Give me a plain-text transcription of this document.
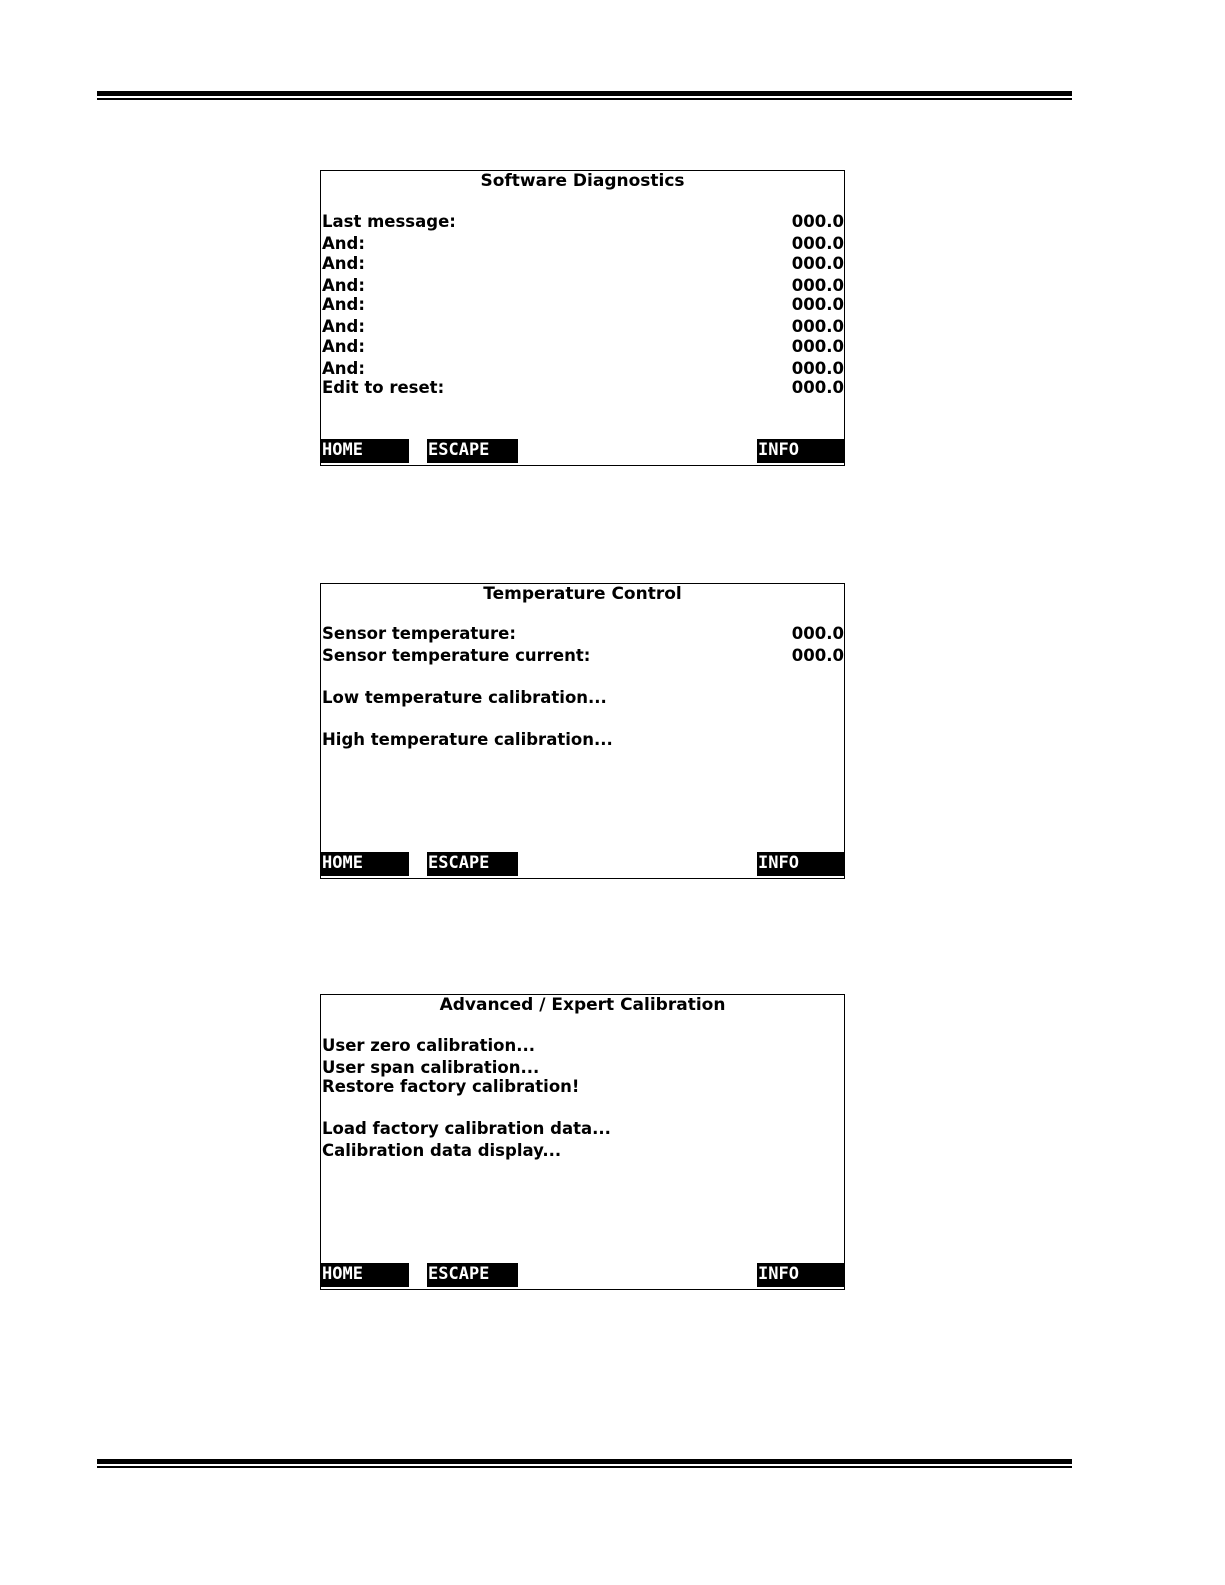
Software Diagnostics
Last message:	000.0
And:	000.0
And:	000.0
And:	000.0
And:	000.0
And:	000.0
And:	000.0
And:	000.0
Edit to reset:	000.0
HOME	ESCAPE	INFO
Temperature Control
Sensor temperature:	000.0
Sensor temperature current:	000.0
Low temperature calibration...
High temperature calibration...
HOME	ESCAPE	INFO
Advanced / Expert Calibration
User zero calibration...
User span calibration...
Restore factory calibration!
Load factory calibration data...
Calibration data display...
HOME	ESCAPE	INFO
